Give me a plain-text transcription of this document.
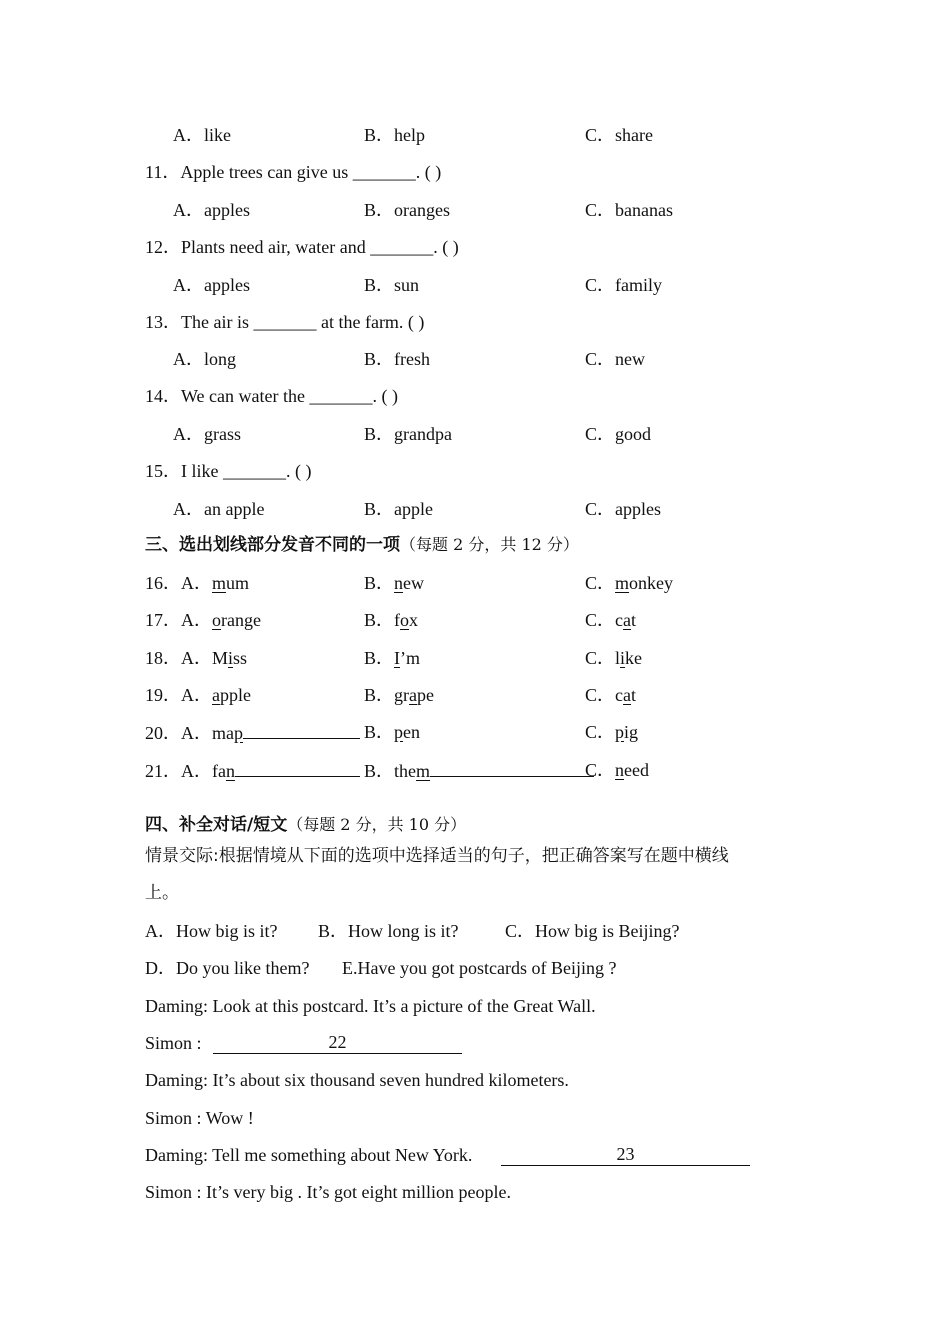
A．like	B．help	C．share
11．Apple trees can give us _______. ( )
A．apples	B．oranges	C．bananas
12．Plants need air, water and _______. ( )
A．apples	B．sun	C．family
13．The air is _______ at the farm. ( )
A．long	B．fresh	C．new
14．We can water the _______. ( )
A．grass	B．grandpa	C．good
15．I like _______. ( )
A．an apple	B．apple	C．apples
三、选出划线部分发音不同的一项（每题 2 分，共 12 分）
16．A．mum	B．new	C．monkey
17．A．orange	B．fox	C．cat
18．A．Miss	B．I’m	C．like
19．A．apple	B．grape	C．cat
20．A．map	B．pen	C．pig
21．A．fan	B．them	C．need
四、补全对话/短文（每题 2 分，共 10 分）
情景交际:根据情境从下面的选项中选择适当的句子，把正确答案写在题中横线
上。
A．How big is it? B．How long is it?	C．How big is Beijing?
D．Do you like them? E.Have you got postcards of Beijing ?
Daming: Look at this postcard. It’s a picture of the Great Wall.
Simon :	22
Daming: It’s about six thousand seven hundred kilometers.
Simon : Wow !
Daming: Tell me something about New York.	23
Simon : It’s very big . It’s got eight million people.
